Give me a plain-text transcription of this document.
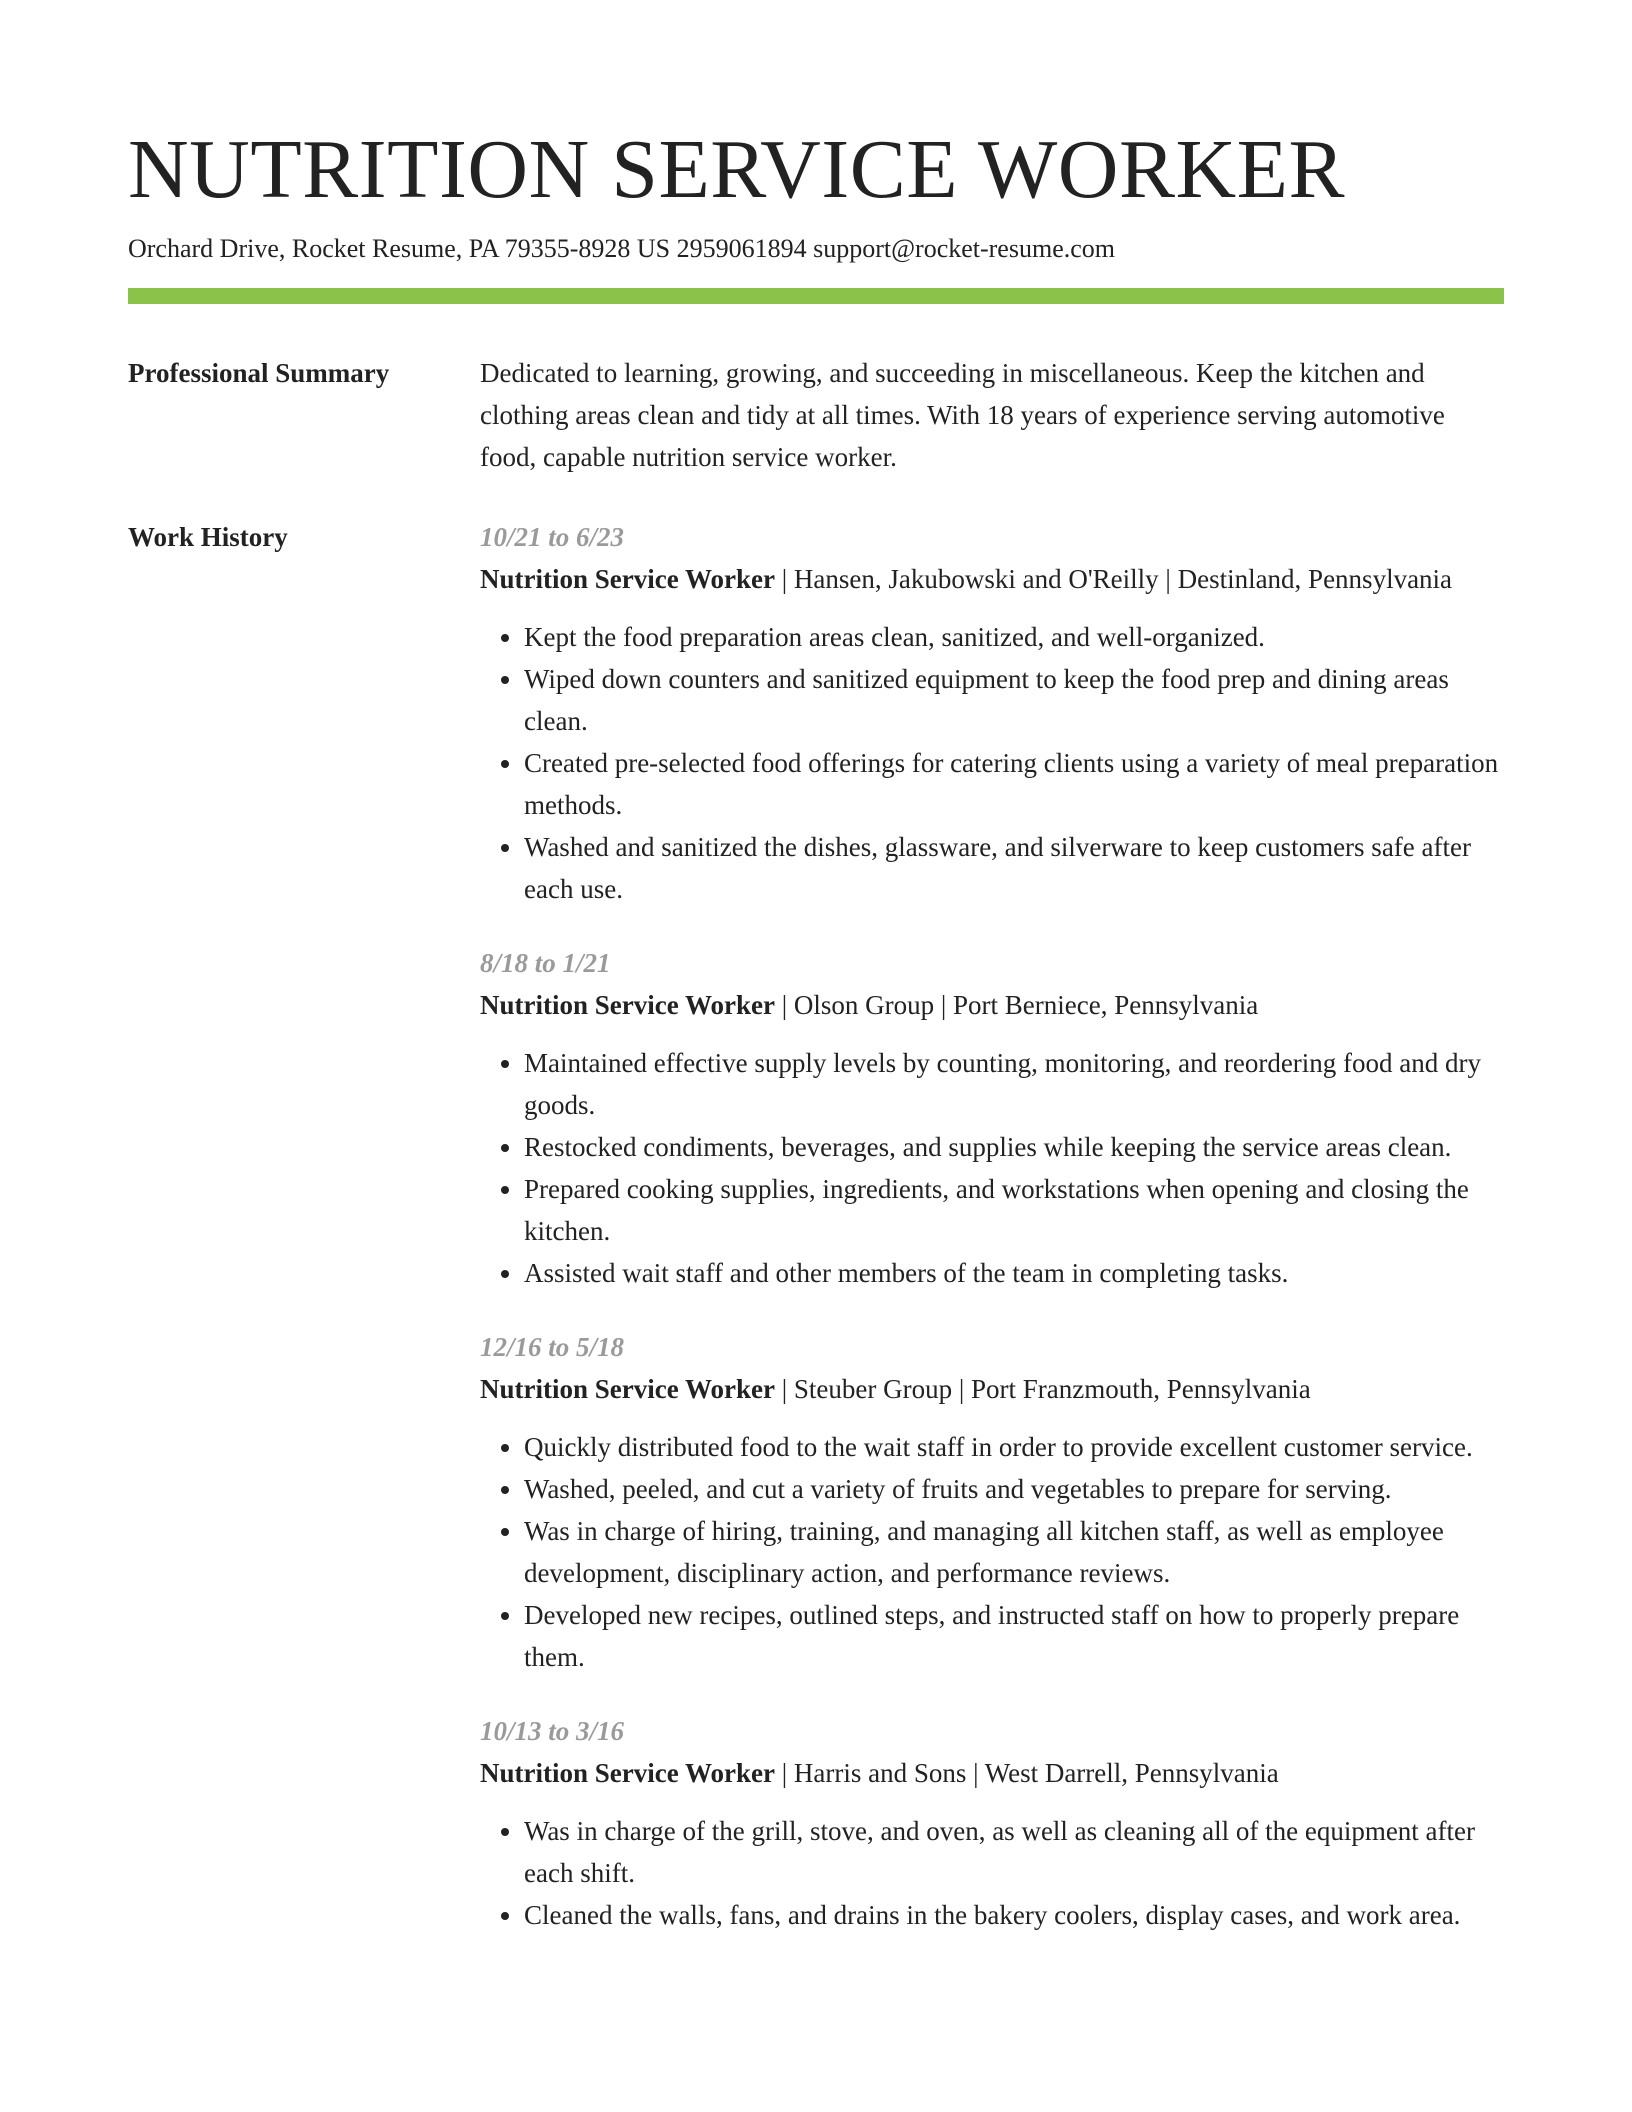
NUTRITION SERVICE WORKER
Orchard Drive, Rocket Resume, PA 79355-8928 US 2959061894 support@rocket-resume.com
Professional Summary	Dedicated to learning, growing, and succeeding in miscellaneous. Keep the kitchen and clothing areas clean and tidy at all times. With 18 years of experience serving automotive food, capable nutrition service worker.

Work History	10/21 to 6/23
Nutrition Service Worker | Hansen, Jakubowski and O'Reilly | Destinland, Pennsylvania
• Kept the food preparation areas clean, sanitized, and well-organized.
• Wiped down counters and sanitized equipment to keep the food prep and dining areas clean.
• Created pre-selected food offerings for catering clients using a variety of meal preparation methods.
• Washed and sanitized the dishes, glassware, and silverware to keep customers safe after each use.
8/18 to 1/21
Nutrition Service Worker | Olson Group | Port Berniece, Pennsylvania
• Maintained effective supply levels by counting, monitoring, and reordering food and dry goods.
• Restocked condiments, beverages, and supplies while keeping the service areas clean.
• Prepared cooking supplies, ingredients, and workstations when opening and closing the kitchen.
• Assisted wait staff and other members of the team in completing tasks.
12/16 to 5/18
Nutrition Service Worker | Steuber Group | Port Franzmouth, Pennsylvania
• Quickly distributed food to the wait staff in order to provide excellent customer service.
• Washed, peeled, and cut a variety of fruits and vegetables to prepare for serving.
• Was in charge of hiring, training, and managing all kitchen staff, as well as employee development, disciplinary action, and performance reviews.
• Developed new recipes, outlined steps, and instructed staff on how to properly prepare them.
10/13 to 3/16
Nutrition Service Worker | Harris and Sons | West Darrell, Pennsylvania
• Was in charge of the grill, stove, and oven, as well as cleaning all of the equipment after each shift.
• Cleaned the walls, fans, and drains in the bakery coolers, display cases, and work area.
